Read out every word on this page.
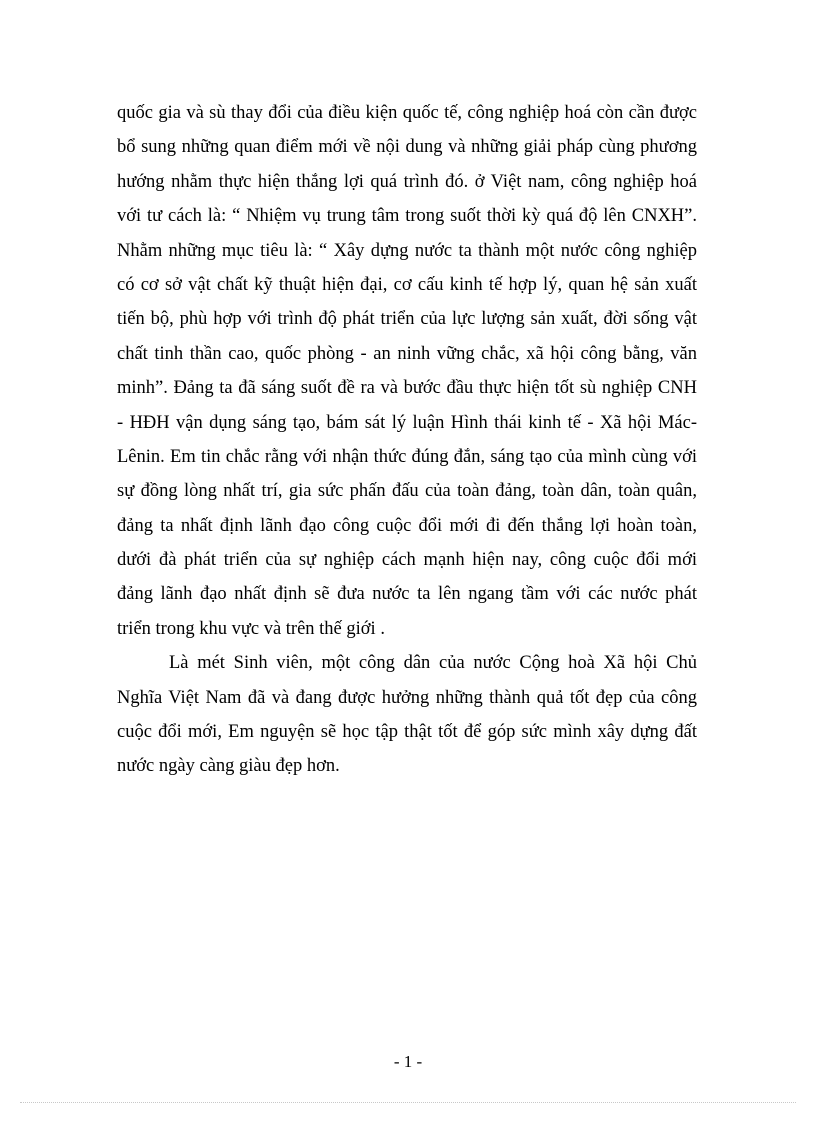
quốc gia và sù thay đổi của điều kiện quốc tế, công nghiệp hoá còn cần được
bổ sung những quan điểm mới về nội dung và những giải pháp cùng phương
hướng nhằm thực hiện thắng lợi quá trình đó. ở Việt nam, công nghiệp hoá
với tư cách là: “ Nhiệm vụ trung tâm trong suốt thời kỳ quá độ lên CNXH”.
Nhằm những mục tiêu là: “ Xây dựng nước ta thành một nước công nghiệp
có cơ sở vật chất kỹ thuật hiện đại, cơ cấu kinh tế hợp lý, quan hệ sản xuất
tiến bộ, phù hợp với trình độ phát triển của lực lượng sản xuất, đời sống vật
chất tinh thần cao, quốc phòng - an ninh vững chắc, xã hội công bằng, văn
minh”. Đảng ta đã sáng suốt đề ra và bước đầu thực hiện tốt sù nghiệp CNH
- HĐH vận dụng sáng tạo, bám sát lý luận Hình thái kinh tế - Xã hội Mác-
Lênin. Em tin chắc rằng với nhận thức đúng đắn, sáng tạo của mình cùng với
sự đồng lòng nhất trí, gia sức phấn đấu của toàn đảng, toàn dân, toàn quân,
đảng ta nhất định lãnh đạo công cuộc đổi mới đi đến thắng lợi hoàn toàn,
dưới đà phát triển của sự nghiệp cách mạnh hiện nay, công cuộc đổi mới
đảng lãnh đạo nhất định sẽ đưa nước ta lên ngang tầm với các nước phát
triển trong khu vực và trên thế giới .
Là mét Sinh viên, một công dân của nước Cộng hoà Xã hội Chủ
Nghĩa Việt Nam đã và đang được hưởng những thành quả tốt đẹp của công
cuộc đổi mới, Em nguyện sẽ học tập thật tốt để góp sức mình xây dựng đất
nước ngày càng giàu đẹp hơn.
- 1 -
